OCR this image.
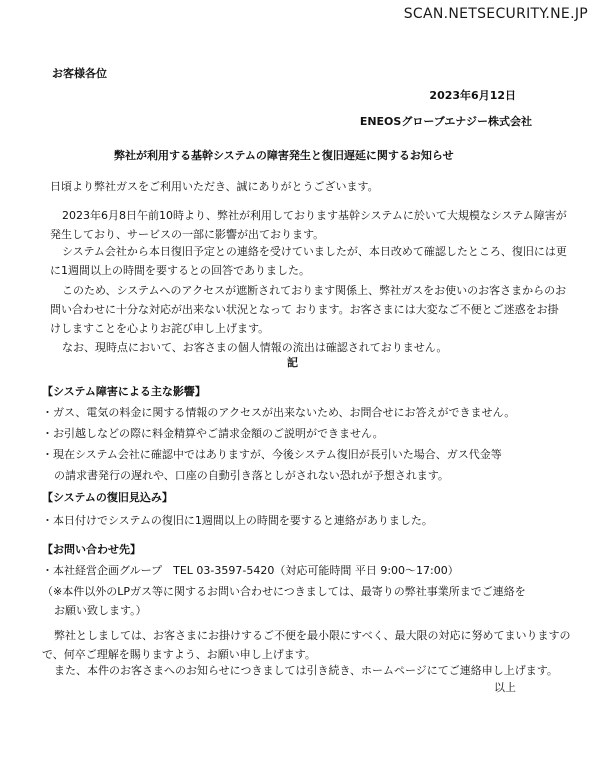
SCAN.NETSECURITY.NE.JP
お客様各位
2023年6月12日
ENEOSグローブエナジー株式会社
弊社が利用する基幹システムの障害発生と復旧遅延に関するお知らせ
日頃より弊社ガスをご利用いただき、誠にありがとうございます。
2023年6月8日午前10時より、弊社が利用しております基幹システムに於いて大規模なシステム障害が
発生しており、サービスの一部に影響が出ております。
システム会社から本日復旧予定との連絡を受けていましたが、本日改めて確認したところ、復旧には更
に1週間以上の時間を要するとの回答でありました。
このため、システムへのアクセスが遮断されております関係上、弊社ガスをお使いのお客さまからのお
問い合わせに十分な対応が出来ない状況となって おります。お客さまには大変なご不便とご迷惑をお掛
けしますことを心よりお詫び申し上げます。
なお、現時点において、お客さまの個人情報の流出は確認されておりません。
記
【システム障害による主な影響】
・ガス、電気の料金に関する情報のアクセスが出来ないため、お問合せにお答えができません。
・お引越しなどの際に料金精算やご請求金額のご説明ができません。
・現在システム会社に確認中ではありますが、今後システム復旧が長引いた場合、ガス代金等
の請求書発行の遅れや、口座の自動引き落としがされない恐れが予想されます。
【システムの復旧見込み】
・本日付けでシステムの復旧に1週間以上の時間を要すると連絡がありました。
【お問い合わせ先】
・本社経営企画グループ　TEL 03-3597-5420（対応可能時間 平日 9:00～17:00）
（※本件以外のLPガス等に関するお問い合わせにつきましては、最寄りの弊社事業所までご連絡を
お願い致します。）
弊社としましては、お客さまにお掛けするご不便を最小限にすべく、最大限の対応に努めてまいりますの
で、何卒ご理解を賜りますよう、お願い申し上げます。
また、本件のお客さまへのお知らせにつきましては引き続き、ホームページにてご連絡申し上げます。
以上
